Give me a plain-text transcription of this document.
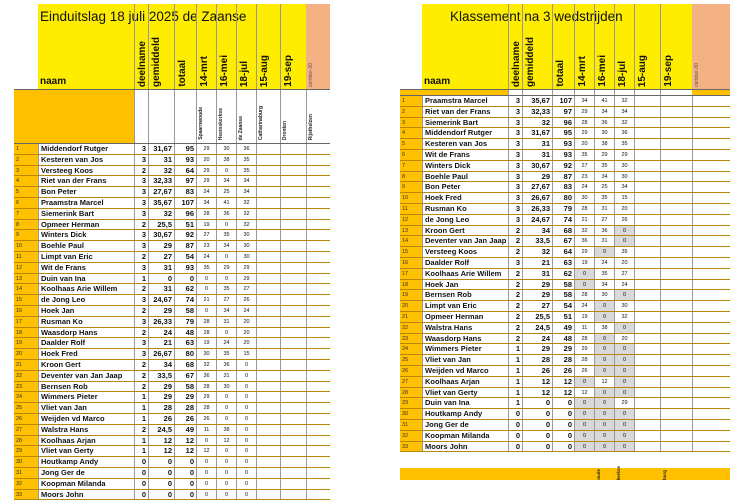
cember-30
Einduitslag 18 juli 2025 de Zaanse
naam	deelname gemiddeld totaal 14-mrt 16-mei 18-jul 15-aug 19-sep
Spaarnwoude	Heemskerkse	de Zaanse	Catharinaburg	Dronten	Rijsthelzen
1	Middendorf Rutger	3 31,67	95	29	30	36
2	Kesteren van Jos	3	31	93	20	38	35
3	Versteeg Koos	2	32	64	29	0	35
4	Riet van der Frans	3 32,33	97	29	34	34
5	Bon Peter	3 27,67	83	24	25	34
6	Praamstra Marcel	3 35,67	107	34	41	32
7	Siemerink Bart	3	32	96	28	36	32
8	Opmeer Herman	2	25,5	51	19	0	32
9	Winters Dick	3 30,67	92	27	35	30
10	Boehle Paul	3	29	87	23	34	30
11	Limpt van Eric	2	27	54	24	0	30
12	Wit de Frans	3	31	93	35	29	29
13	Duin van Ina	1	0	0	0	0	29
14	Koolhaas Arie Willem	2	31	62	0	35	27
15	de Jong Leo	3 24,67	74	21	27	26
16	Hoek Jan	2	29	58	0	34	24
17	Rusman Ko	3 26,33	79	28	31	20
18	Waasdorp Hans	2	24	48	28	0	20
19	Daalder Rolf	3	21	63	19	24	20
20	Hoek Fred	3 26,67	80	30	35	15
21	Kroon Gert	2	34	68	32	36	0
22	Deventer van Jan Jaap	2	33,5	67	36	31	0
23	Bernsen Rob	2	29	58	28	30	0
24	Wimmers Pieter	1	29	29	29	0	0
25	Vliet van Jan	1	28	28	28	0	0
26	Weijden vd Marco	1	26	26	26	0	0
27	Walstra Hans	2	24,5	49	11	38	0
28	Koolhaas Arjan	1	12	12	0	12	0
29	Vliet van Gerty	1	12	12	12	0	0
30	Houtkamp Andy	0	0	0	0	0	0
31	Jong Ger de	0	0	0	0	0	0
32	Koopman Milanda	0	0	0	0	0	0
33	Moors John	0	0	0	0	0	0
cember-30
Klassement na 3 wedstrijden
naam	deelname gemiddeld totaal 14-mrt 16-mei 18-jul 15-aug 19-sep
1	Praamstra Marcel	3	35,67	107	34	41	32
2	Riet van der Frans	3	32,33	97	29	34	34
3	Siemerink Bart	3	32	96	28	36	32
4	Middendorf Rutger	3	31,67	95	29	30	36
5	Kesteren van Jos	3	31	93	20	38	35
6	Wit de Frans	3	31	93	35	29	29
7	Winters Dick	3	30,67	92	27	35	30
8	Boehle Paul	3	29	87	23	34	30
9	Bon Peter	3	27,67	83	24	25	34
10	Hoek Fred	3	26,67	80	30	35	15
11	Rusman Ko	3	26,33	79	28	31	20
12	de Jong Leo	3	24,67	74	21	27	26
13	Kroon Gert	2	34	68	32	36	0
14	Deventer van Jan Jaap	2	33,5	67	36	31	0
15	Versteeg Koos	2	32	64	29	0	35
16	Daalder Rolf	3	21	63	19	24	20
17	Koolhaas Arie Willem	2	31	62	0	35	27
18	Hoek Jan	2	29	58	0	34	24
19	Bernsen Rob	2	29	58	28	30	0
20	Limpt van Eric	2	27	54	24	0	30
21	Opmeer Herman	2	25,5	51	19	0	32
22	Walstra Hans	2	24,5	49	11	38	0
23	Waasdorp Hans	2	24	48	28	0	20
24	Wimmers Pieter	1	29	29	29	0	0
25	Vliet van Jan	1	28	28	28	0	0
26	Weijden vd Marco	1	26	26	26	0	0
27	Koolhaas Arjan	1	12	12	0	12	0
28	Vliet van Gerty	1	12	12	12	0	0
29	Duin van Ina	1	0	0	0	0	29
30	Houtkamp Andy	0	0	0	0	0	0
31	Jong Ger de	0	0	0	0	0	0
32	Koopman Milanda	0	0	0	0	0	0
33	Moors John	0	0	0	0	0	0
oude	kerkse	burg
